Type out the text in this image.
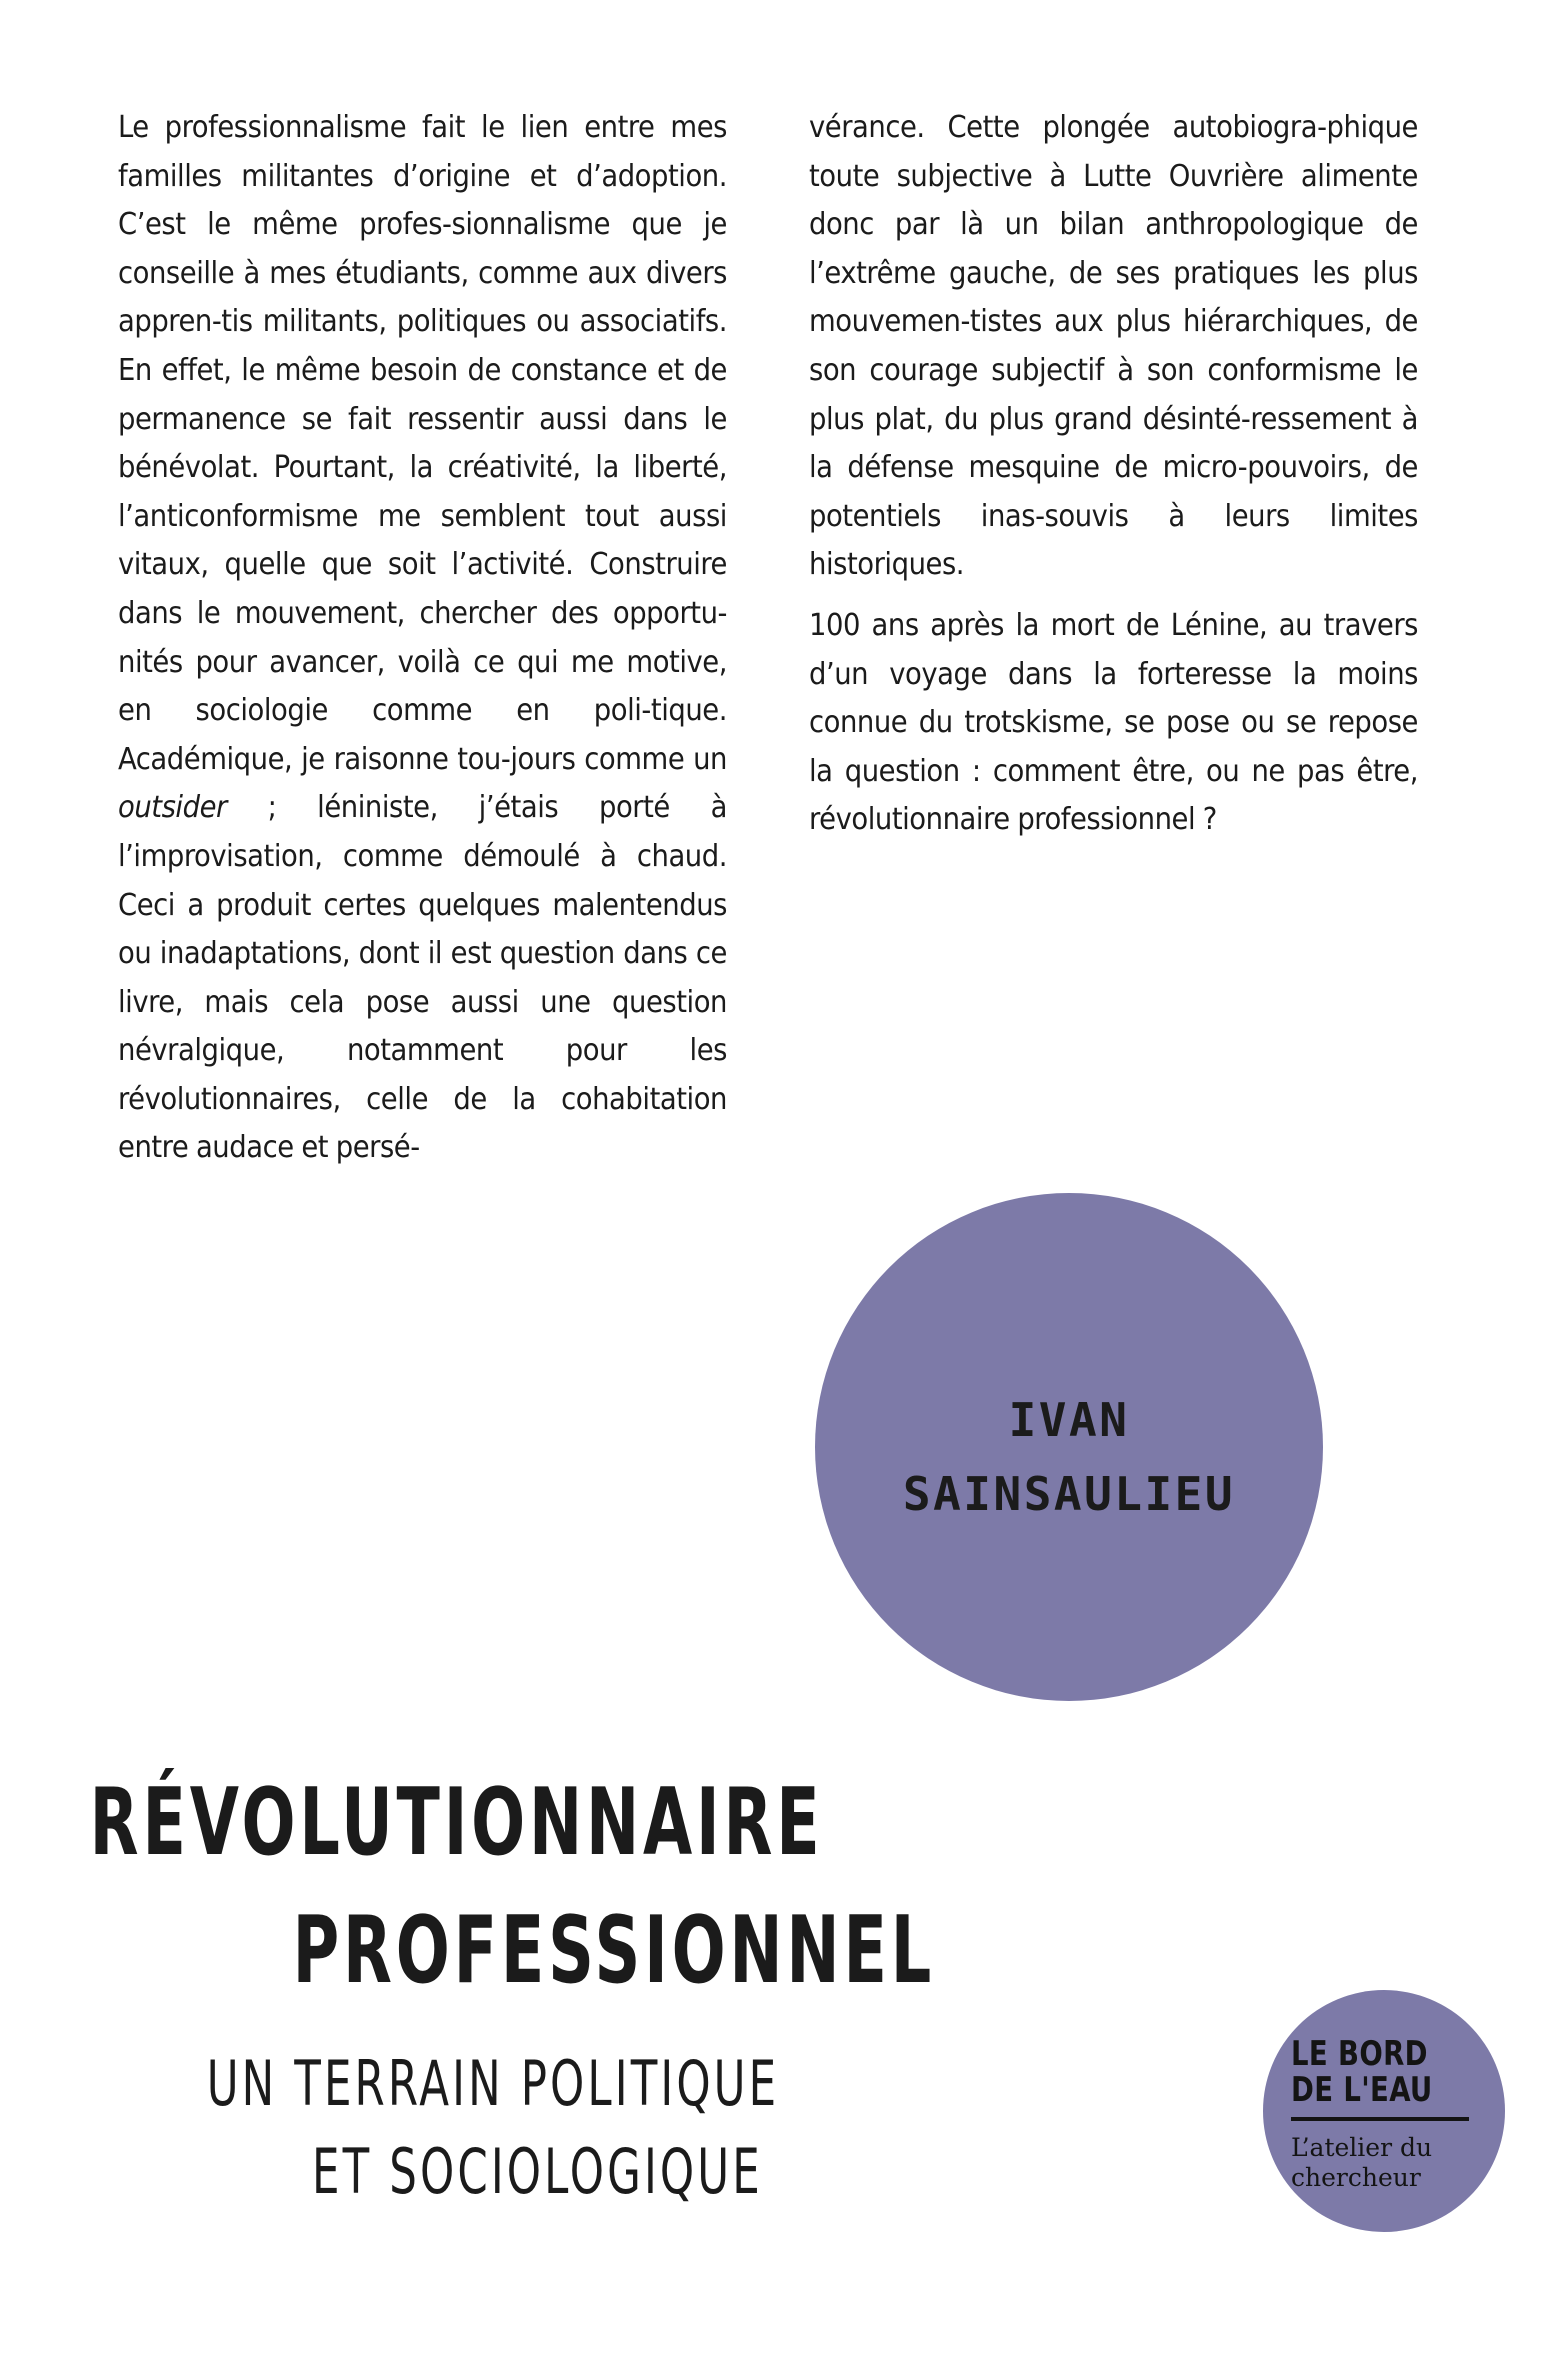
Le professionnalisme fait le lien entre mes familles militantes d’origine et d’adoption. C’est le même profes-sionnalisme que je conseille à mes étudiants, comme aux divers appren-tis militants, politiques ou associatifs. En effet, le même besoin de constance et de permanence se fait ressentir aussi dans le bénévolat. Pourtant, la créativité, la liberté, l’anticonformisme me semblent tout aussi vitaux, quelle que soit l’activité. Construire dans le mouvement, chercher des opportu-nités pour avancer, voilà ce qui me motive, en sociologie comme en poli-tique. Académique, je raisonne tou-jours comme un outsider ; léniniste, j’étais porté à l’improvisation, comme démoulé à chaud. Ceci a produit certes quelques malentendus ou inadaptations, dont il est question dans ce livre, mais cela pose aussi une question névralgique, notamment pour les révolutionnaires, celle de la cohabitation entre audace et persé-

vérance. Cette plongée autobiogra-phique toute subjective à Lutte Ouvrière alimente donc par là un bilan anthropologique de l’extrême gauche, de ses pratiques les plus mouvemen-tistes aux plus hiérarchiques, de son courage subjectif à son conformisme le plus plat, du plus grand désinté-ressement à la défense mesquine de micro-pouvoirs, de potentiels inas-souvis à leurs limites historiques.

100 ans après la mort de Lénine, au travers d’un voyage dans la forteresse la moins connue du trotskisme, se pose ou se repose la question : comment être, ou ne pas être, révolutionnaire professionnel ?

IVAN
SAINSAULIEU
RÉVOLUTIONNAIRE
PROFESSIONNEL
UN TERRAIN POLITIQUE
ET SOCIOLOGIQUE
LE BORD
DE L'EAU
L’atelier du
chercheur
